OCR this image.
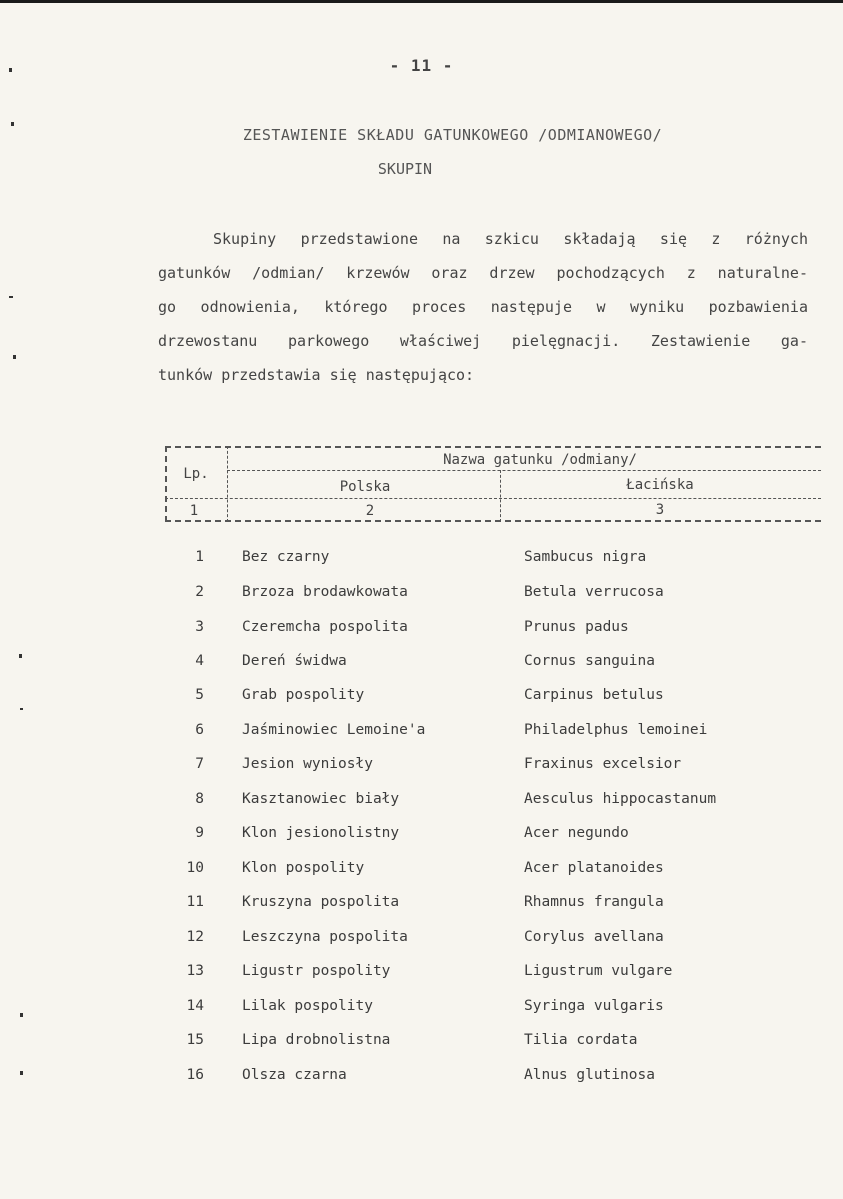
- 11 -
ZESTAWIENIE SKŁADU GATUNKOWEGO /ODMIANOWEGO/
SKUPIN
Skupiny przedstawione na szkicu składają się z różnych
gatunków /odmian/ krzewów oraz drzew pochodzących z naturalne-
go odnowienia, którego proces następuje w wyniku pozbawienia
drzewostanu parkowego właściwej pielęgnacji. Zestawienie ga-
tunków przedstawia się następująco:
Lp.
Nazwa gatunku /odmiany/
Polska	Łacińska
1	2	3
1	Bez czarny	Sambucus nigra
2	Brzoza brodawkowata	Betula verrucosa
3	Czeremcha pospolita	Prunus padus
4	Dereń świdwa	Cornus sanguina
5	Grab pospolity	Carpinus betulus
6	Jaśminowiec Lemoine'a	Philadelphus lemoinei
7	Jesion wyniosły	Fraxinus excelsior
8	Kasztanowiec biały	Aesculus hippocastanum
9	Klon jesionolistny	Acer negundo
10	Klon pospolity	Acer platanoides
11	Kruszyna pospolita	Rhamnus frangula
12	Leszczyna pospolita	Corylus avellana
13	Ligustr pospolity	Ligustrum vulgare
14	Lilak pospolity	Syringa vulgaris
15	Lipa drobnolistna	Tilia cordata
16	Olsza czarna	Alnus glutinosa
